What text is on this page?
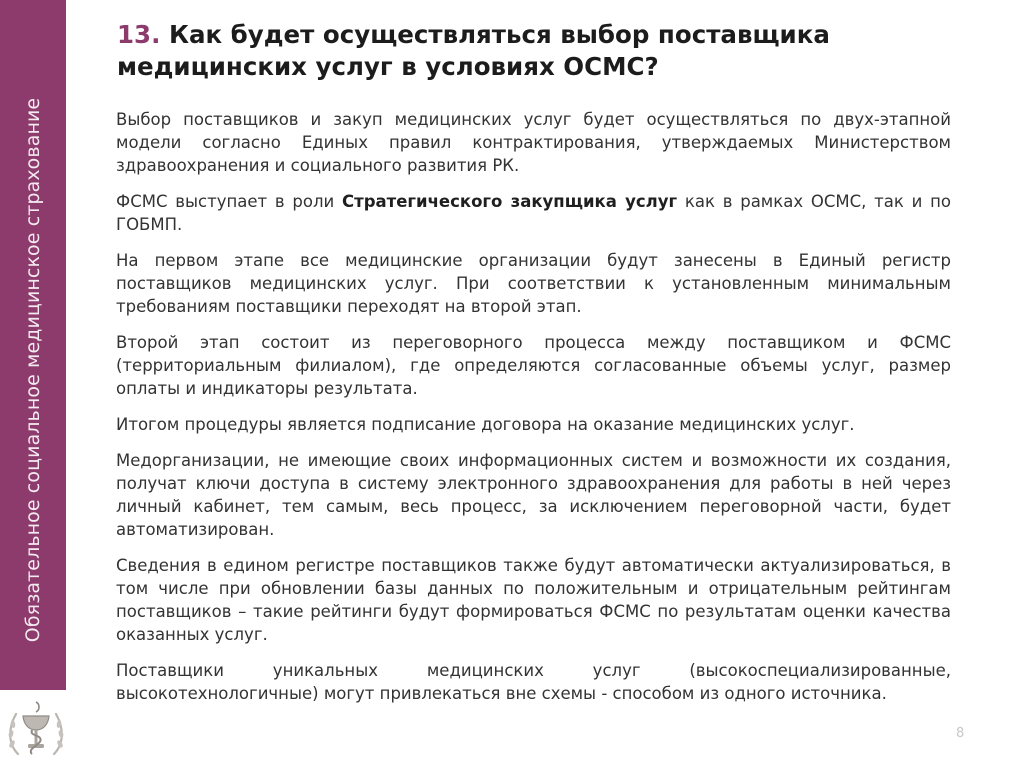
Обязательное социальное медицинское страхование
13. Как будет осуществляться выбор поставщика медицинских услуг в условиях ОСМС?

Выбор поставщиков и закуп медицинских услуг будет осуществляться по двух-этапной модели согласно Единых правил контрактирования, утверждаемых Министерством здравоохранения и социального развития РК.

ФСМС выступает в роли Стратегического закупщика услуг как в рамках ОСМС, так и по ГОБМП.

На первом этапе все медицинские организации будут занесены в Единый регистр поставщиков медицинских услуг. При соответствии к установленным минимальным требованиям поставщики переходят на второй этап.

Второй этап состоит из переговорного процесса между поставщиком и ФСМС (территориальным филиалом), где определяются согласованные объемы услуг, размер оплаты и индикаторы результата.

Итогом процедуры является подписание договора на оказание медицинских услуг.

Медорганизации, не имеющие своих информационных систем и возможности их создания, получат ключи доступа в систему электронного здравоохранения для работы в ней через личный кабинет, тем самым, весь процесс, за исключением переговорной части, будет автоматизирован.

Сведения в едином регистре поставщиков также будут автоматически актуализироваться, в том числе при обновлении базы данных по положительным и отрицательным рейтингам поставщиков – такие рейтинги будут формироваться ФСМС по результатам оценки качества оказанных услуг.

Поставщики уникальных медицинских услуг (высокоспециализированные, высокотехнологичные) могут привлекаться вне схемы - способом из одного источника.

8
